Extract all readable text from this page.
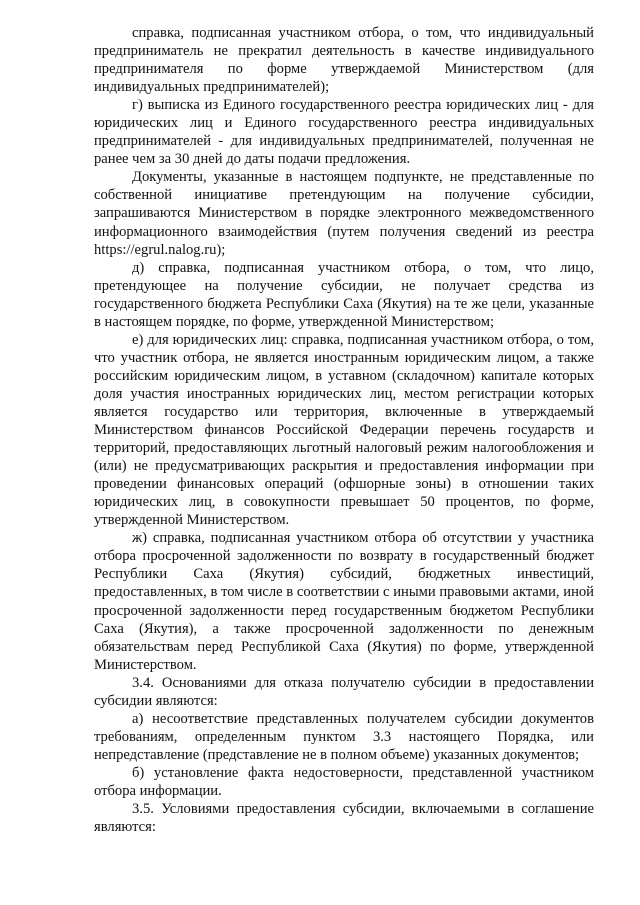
справка, подписанная участником отбора, о том, что индивидуальный предприниматель не прекратил деятельность в качестве индивидуального предпринимателя по форме утверждаемой Министерством (для индивидуальных предпринимателей);

г) выписка из Единого государственного реестра юридических лиц - для юридических лиц и Единого государственного реестра индивидуальных предпринимателей - для индивидуальных предпринимателей, полученная не ранее чем за 30 дней до даты подачи предложения.

Документы, указанные в настоящем подпункте, не представленные по собственной инициативе претендующим на получение субсидии, запрашиваются Министерством в порядке электронного межведомственного информационного взаимодействия (путем получения сведений из реестра https://egrul.nalog.ru);

д) справка, подписанная участником отбора, о том, что лицо, претендующее на получение субсидии, не получает средства из государственного бюджета Республики Саха (Якутия) на те же цели, указанные в настоящем порядке, по форме, утвержденной Министерством;

е) для юридических лиц: справка, подписанная участником отбора, о том, что участник отбора, не является иностранным юридическим лицом, а также российским юридическим лицом, в уставном (складочном) капитале которых доля участия иностранных юридических лиц, местом регистрации которых является государство или территория, включенные в утверждаемый Министерством финансов Российской Федерации перечень государств и территорий, предоставляющих льготный налоговый режим налогообложения и (или) не предусматривающих раскрытия и предоставления информации при проведении финансовых операций (офшорные зоны) в отношении таких юридических лиц, в совокупности превышает 50 процентов, по форме, утвержденной Министерством.

ж) справка, подписанная участником отбора об отсутствии у участника отбора просроченной задолженности по возврату в государственный бюджет Республики Саха (Якутия) субсидий, бюджетных инвестиций, предоставленных, в том числе в соответствии с иными правовыми актами, иной просроченной задолженности перед государственным бюджетом Республики Саха (Якутия), а также просроченной задолженности по денежным обязательствам перед Республикой Саха (Якутия) по форме, утвержденной Министерством.

3.4. Основаниями для отказа получателю субсидии в предоставлении субсидии являются:

а) несоответствие представленных получателем субсидии документов требованиям, определенным пунктом 3.3 настоящего Порядка, или непредставление (представление не в полном объеме) указанных документов;

б) установление факта недостоверности, представленной участником отбора информации.

3.5. Условиями предоставления субсидии, включаемыми в соглашение являются:
